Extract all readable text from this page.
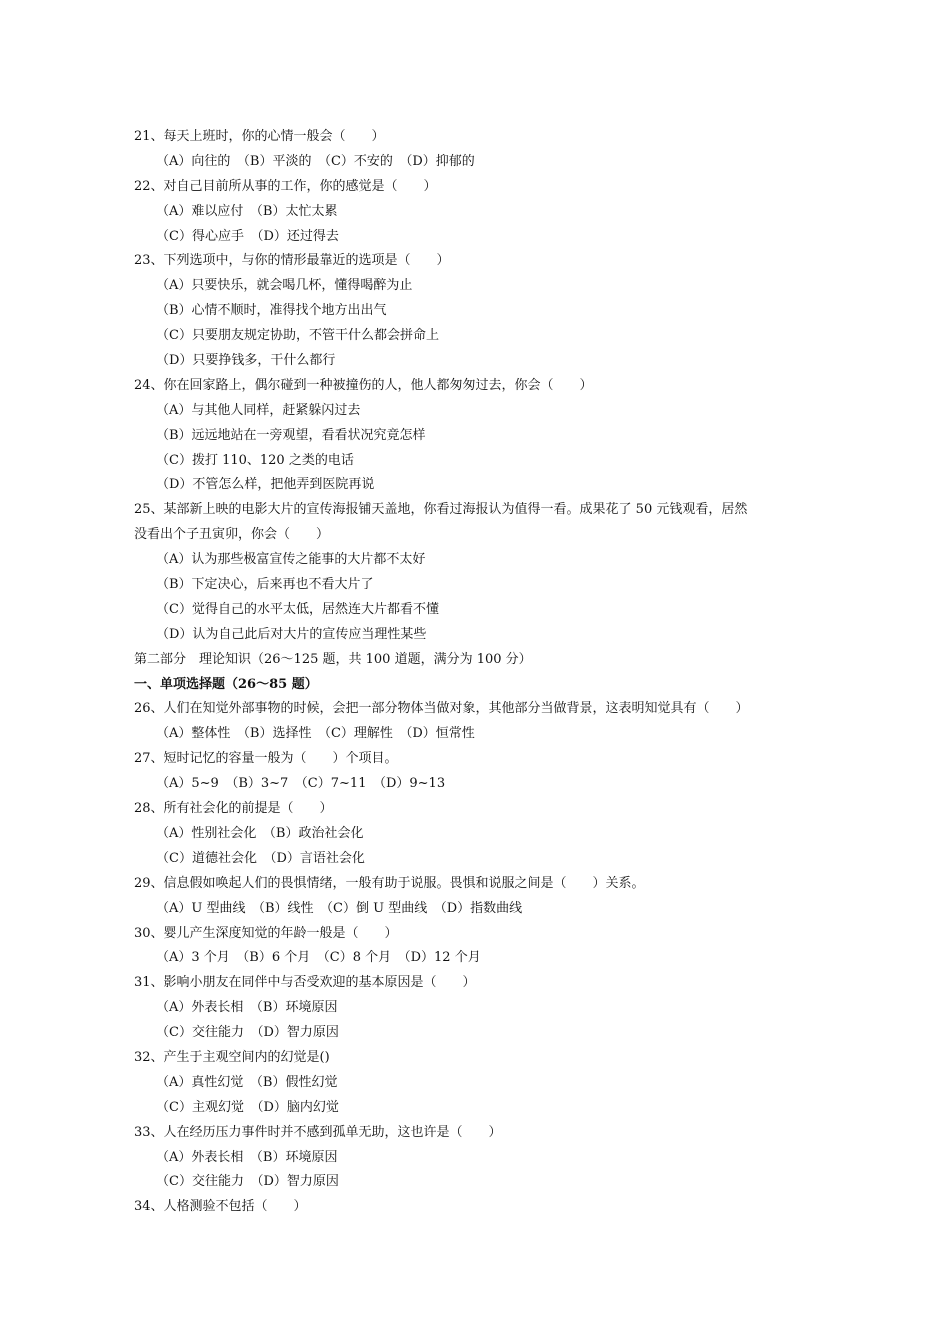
21、每天上班时，你的心情一般会（　　）
（A）向往的　（B）平淡的　（C）不安的　（D）抑郁的
22、对自己目前所从事的工作，你的感觉是（　　）
（A）难以应付　（B）太忙太累
（C）得心应手　（D）还过得去
23、下列选项中，与你的情形最靠近的选项是（　　）
（A）只要快乐，就会喝几杯，懂得喝醉为止
（B）心情不顺时，准得找个地方出出气
（C）只要朋友规定协助，不管干什么都会拼命上
（D）只要挣钱多，干什么都行
24、你在回家路上，偶尔碰到一种被撞伤的人，他人都匆匆过去，你会（　　）
（A）与其他人同样，赶紧躲闪过去
（B）远远地站在一旁观望，看看状况究竟怎样
（C）拨打 110、120 之类的电话
（D）不管怎么样，把他弄到医院再说
25、某部新上映的电影大片的宣传海报铺天盖地，你看过海报认为值得一看。成果花了 50 元钱观看，居然
没看出个子丑寅卯，你会（　　）
（A）认为那些极富宣传之能事的大片都不太好
（B）下定决心，后来再也不看大片了
（C）觉得自己的水平太低，居然连大片都看不懂
（D）认为自己此后对大片的宣传应当理性某些
第二部分　理论知识（26～125 题，共 100 道题，满分为 100 分）
一、单项选择题（26～85 题）
26、人们在知觉外部事物的时候，会把一部分物体当做对象，其他部分当做背景，这表明知觉具有（　　）
（A）整体性　（B）选择性　（C）理解性　（D）恒常性
27、短时记忆的容量一般为（　　）个项目。
（A）5~9　（B）3~7　（C）7~11　（D）9~13
28、所有社会化的前提是（　　）
（A）性别社会化　（B）政治社会化
（C）道德社会化　（D）言语社会化
29、信息假如唤起人们的畏惧情绪，一般有助于说服。畏惧和说服之间是（　　）关系。
（A）U 型曲线　（B）线性　（C）倒 U 型曲线　（D）指数曲线
30、婴儿产生深度知觉的年龄一般是（　　）
（A）3 个月　（B）6 个月　（C）8 个月　（D）12 个月
31、影响小朋友在同伴中与否受欢迎的基本原因是（　　）
（A）外表长相　（B）环境原因
（C）交往能力　（D）智力原因
32、产生于主观空间内的幻觉是()
（A）真性幻觉　（B）假性幻觉
（C）主观幻觉　（D）脑内幻觉
33、人在经历压力事件时并不感到孤单无助，这也许是（　　）
（A）外表长相　（B）环境原因
（C）交往能力　（D）智力原因
34、人格测验不包括（　　）
